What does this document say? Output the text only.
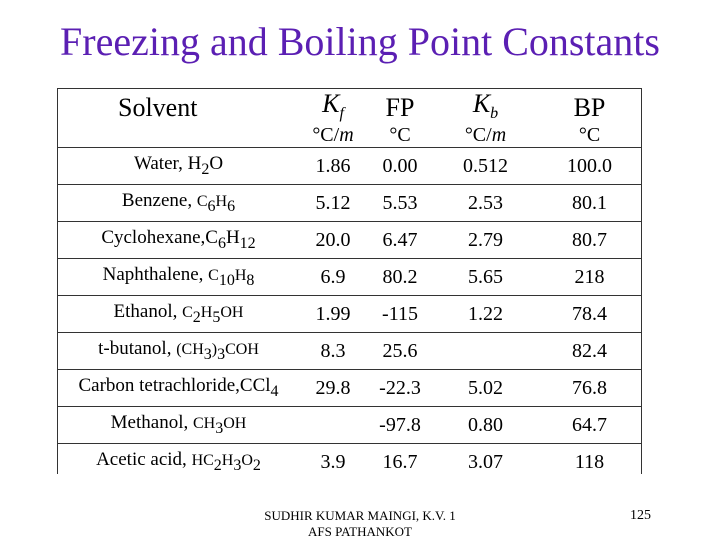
Freezing and Boiling Point Constants
Solvent	$K_f$	FP	$K_b$	BP
	°C/m	°C	°C/m	°C
Water, $H_2O$	1.86	0.00	0.512	100.0
Benzene, $C_6H_6$	5.12	5.53	2.53	80.1
$Cyclohexane,C_6H_{12}$	20.0	6.47	2.79	80.7
Naphthalene, $C_{10}H_8$	6.9	80.2	5.65	218
Ethanol, $C_2H_5OH$	1.99	-115	1.22	78.4
t-butanol, $(CH_3)_3COH$	8.3	25.6		82.4
Carbon tetrachloride,CCl$_4$	29.8	-22.3	5.02	76.8
Methanol, $CH_3OH$		-97.8	0.80	64.7
Acetic acid, $HC_2H_3O_2$	3.9	16.7	3.07	118
SUDHIR KUMAR MAINGI, K.V. 1
AFS PATHANKOT
125
